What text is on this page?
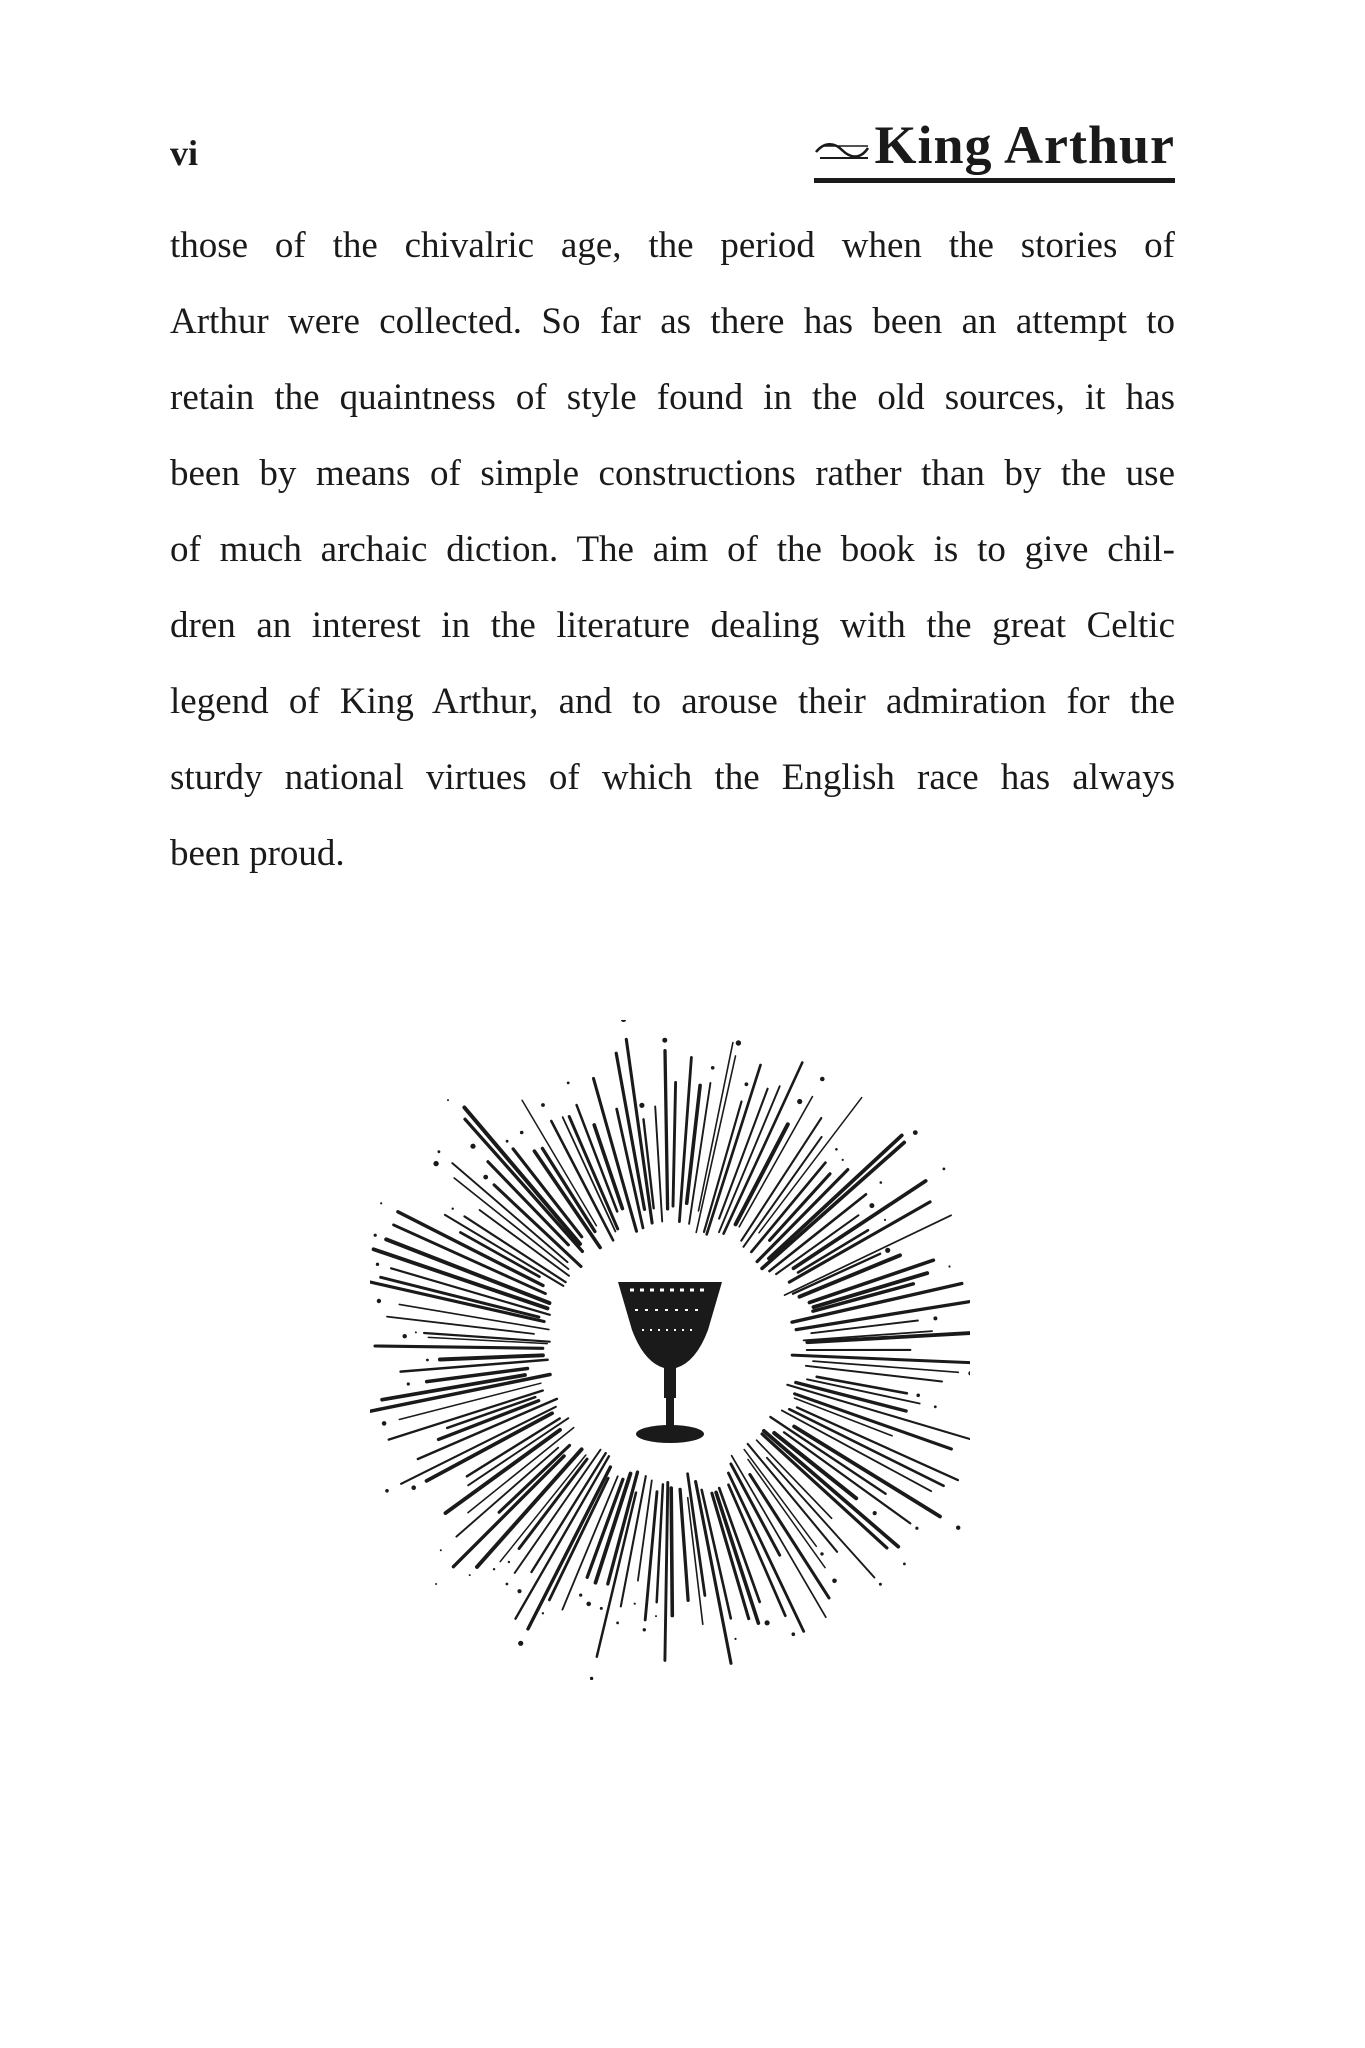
vi	King Arthur

those of the chivalric age, the period when the stories of
Arthur were collected. So far as there has been an attempt to
retain the quaintness of style found in the old sources, it has
been by means of simple constructions rather than by the use
of much archaic diction. The aim of the book is to give chil-
dren an interest in the literature dealing with the great Celtic
legend of King Arthur, and to arouse their admiration for the
sturdy national virtues of which the English race has always
been proud.
